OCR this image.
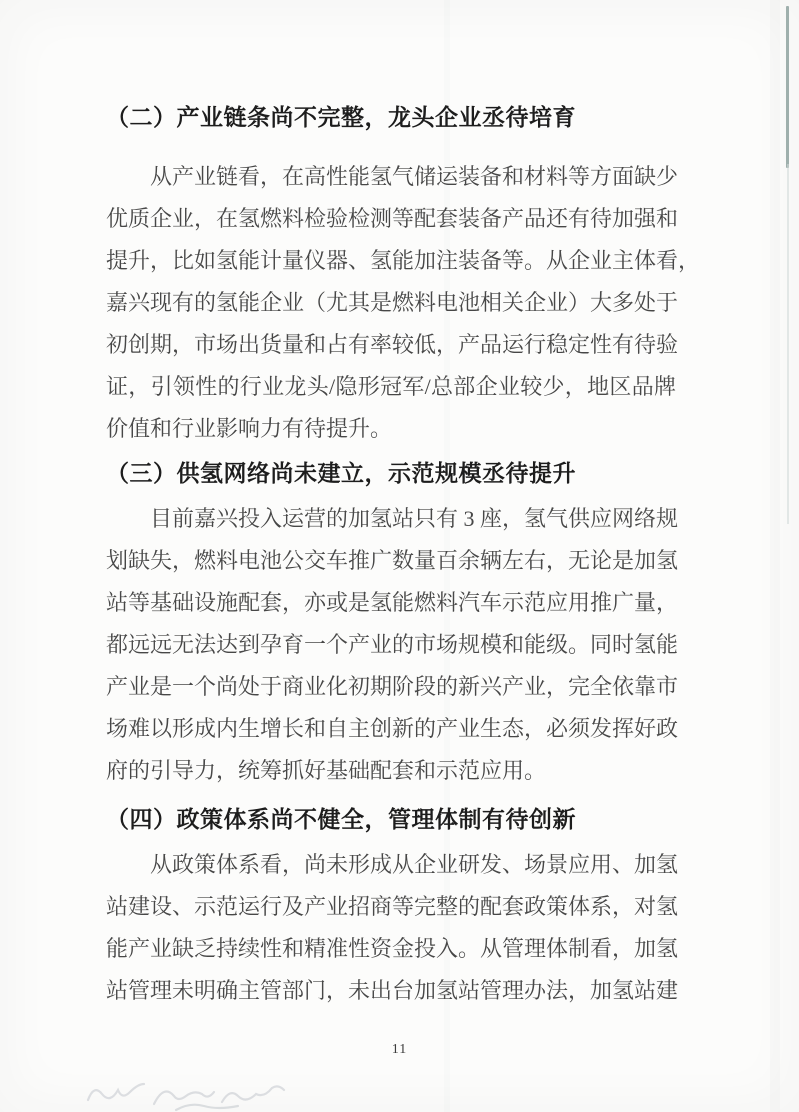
（二）产业链条尚不完整，龙头企业丞待培育
从产业链看，在高性能氢气储运装备和材料等方面缺少
优质企业，在氢燃料检验检测等配套装备产品还有待加强和
提升，比如氢能计量仪器、氢能加注装备等。从企业主体看，
嘉兴现有的氢能企业（尤其是燃料电池相关企业）大多处于
初创期，市场出货量和占有率较低，产品运行稳定性有待验
证，引领性的行业龙头/隐形冠军/总部企业较少，地区品牌
价值和行业影响力有待提升。
（三）供氢网络尚未建立，示范规模丞待提升
目前嘉兴投入运营的加氢站只有 3 座，氢气供应网络规
划缺失，燃料电池公交车推广数量百余辆左右，无论是加氢
站等基础设施配套，亦或是氢能燃料汽车示范应用推广量，
都远远无法达到孕育一个产业的市场规模和能级。同时氢能
产业是一个尚处于商业化初期阶段的新兴产业，完全依靠市
场难以形成内生增长和自主创新的产业生态，必须发挥好政
府的引导力，统筹抓好基础配套和示范应用。
（四）政策体系尚不健全，管理体制有待创新
从政策体系看，尚未形成从企业研发、场景应用、加氢
站建设、示范运行及产业招商等完整的配套政策体系，对氢
能产业缺乏持续性和精准性资金投入。从管理体制看，加氢
站管理未明确主管部门，未出台加氢站管理办法，加氢站建
11
